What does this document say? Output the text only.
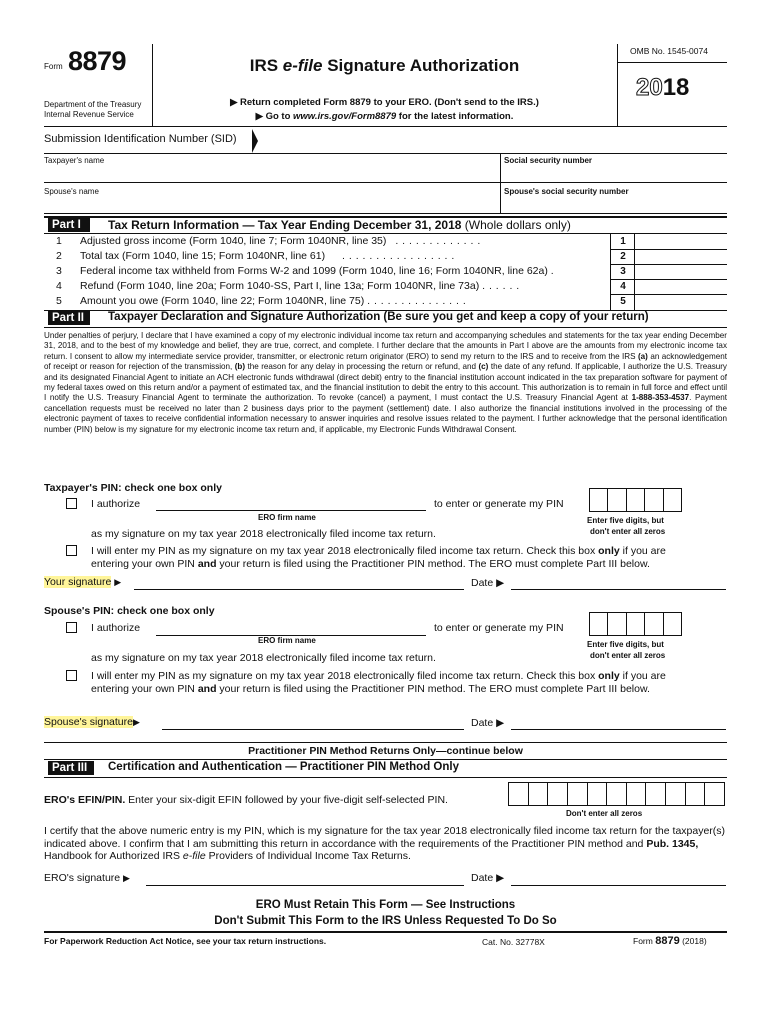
Form 8879
Department of the Treasury
Internal Revenue Service
IRS e-file Signature Authorization
▶ Return completed Form 8879 to your ERO. (Don't send to the IRS.)
▶ Go to www.irs.gov/Form8879 for the latest information.
OMB No. 1545-0074
2018
Submission Identification Number (SID)
Taxpayer's name	Social security number
Spouse's name	Spouse's social security number
Part I	Tax Return Information — Tax Year Ending December 31, 2018 (Whole dollars only)
1 Adjusted gross income (Form 1040, line 7; Form 1040NR, line 35) . . . . . . . . . . . . .	1
2 Total tax (Form 1040, line 15; Form 1040NR, line 61) . . . . . . . . . . . . . . . . .	2
3 Federal income tax withheld from Forms W-2 and 1099 (Form 1040, line 16; Form 1040NR, line 62a) .	3
4 Refund (Form 1040, line 20a; Form 1040-SS, Part I, line 13a; Form 1040NR, line 73a) . . . . . .	4
5 Amount you owe (Form 1040, line 22; Form 1040NR, line 75) . . . . . . . . . . . . . . .	5
Part II	Taxpayer Declaration and Signature Authorization (Be sure you get and keep a copy of your return)
Under penalties of perjury, I declare that I have examined a copy of my electronic individual income tax return and accompanying schedules and statements for the tax year ending December 31, 2018, and to the best of my knowledge and belief, they are true, correct, and complete. I further declare that the amounts in Part I above are the amounts from my electronic income tax return. I consent to allow my intermediate service provider, transmitter, or electronic return originator (ERO) to send my return to the IRS and to receive from the IRS (a) an acknowledgement of receipt or reason for rejection of the transmission, (b) the reason for any delay in processing the return or refund, and (c) the date of any refund. If applicable, I authorize the U.S. Treasury and its designated Financial Agent to initiate an ACH electronic funds withdrawal (direct debit) entry to the financial institution account indicated in the tax preparation software for payment of my federal taxes owed on this return and/or a payment of estimated tax, and the financial institution to debit the entry to this account. This authorization is to remain in full force and effect until I notify the U.S. Treasury Financial Agent to terminate the authorization. To revoke (cancel) a payment, I must contact the U.S. Treasury Financial Agent at 1-888-353-4537. Payment cancellation requests must be received no later than 2 business days prior to the payment (settlement) date. I also authorize the financial institutions involved in the processing of the electronic payment of taxes to receive confidential information necessary to answer inquiries and resolve issues related to the payment. I further acknowledge that the personal identification number (PIN) below is my signature for my electronic income tax return and, if applicable, my Electronic Funds Withdrawal Consent.
Taxpayer's PIN: check one box only
I authorize	to enter or generate my PIN
ERO firm name	Enter five digits, but
don't enter all zeros
as my signature on my tax year 2018 electronically filed income tax return.
I will enter my PIN as my signature on my tax year 2018 electronically filed income tax return. Check this box only if you are
entering your own PIN and your return is filed using the Practitioner PIN method. The ERO must complete Part III below.
Your signature ▶	Date ▶
Spouse's PIN: check one box only
I authorize	to enter or generate my PIN
ERO firm name	Enter five digits, but
don't enter all zeros
as my signature on my tax year 2018 electronically filed income tax return.
I will enter my PIN as my signature on my tax year 2018 electronically filed income tax return. Check this box only if you are
entering your own PIN and your return is filed using the Practitioner PIN method. The ERO must complete Part III below.
Spouse's signature▶	Date ▶
Practitioner PIN Method Returns Only—continue below
Part III	Certification and Authentication — Practitioner PIN Method Only
ERO's EFIN/PIN. Enter your six-digit EFIN followed by your five-digit self-selected PIN.
Don't enter all zeros
I certify that the above numeric entry is my PIN, which is my signature for the tax year 2018 electronically filed income tax return for the taxpayer(s) indicated above. I confirm that I am submitting this return in accordance with the requirements of the Practitioner PIN method and Pub. 1345, Handbook for Authorized IRS e-file Providers of Individual Income Tax Returns.
ERO's signature ▶	Date ▶
ERO Must Retain This Form — See Instructions
Don't Submit This Form to the IRS Unless Requested To Do So
For Paperwork Reduction Act Notice, see your tax return instructions.	Cat. No. 32778X	Form 8879 (2018)
